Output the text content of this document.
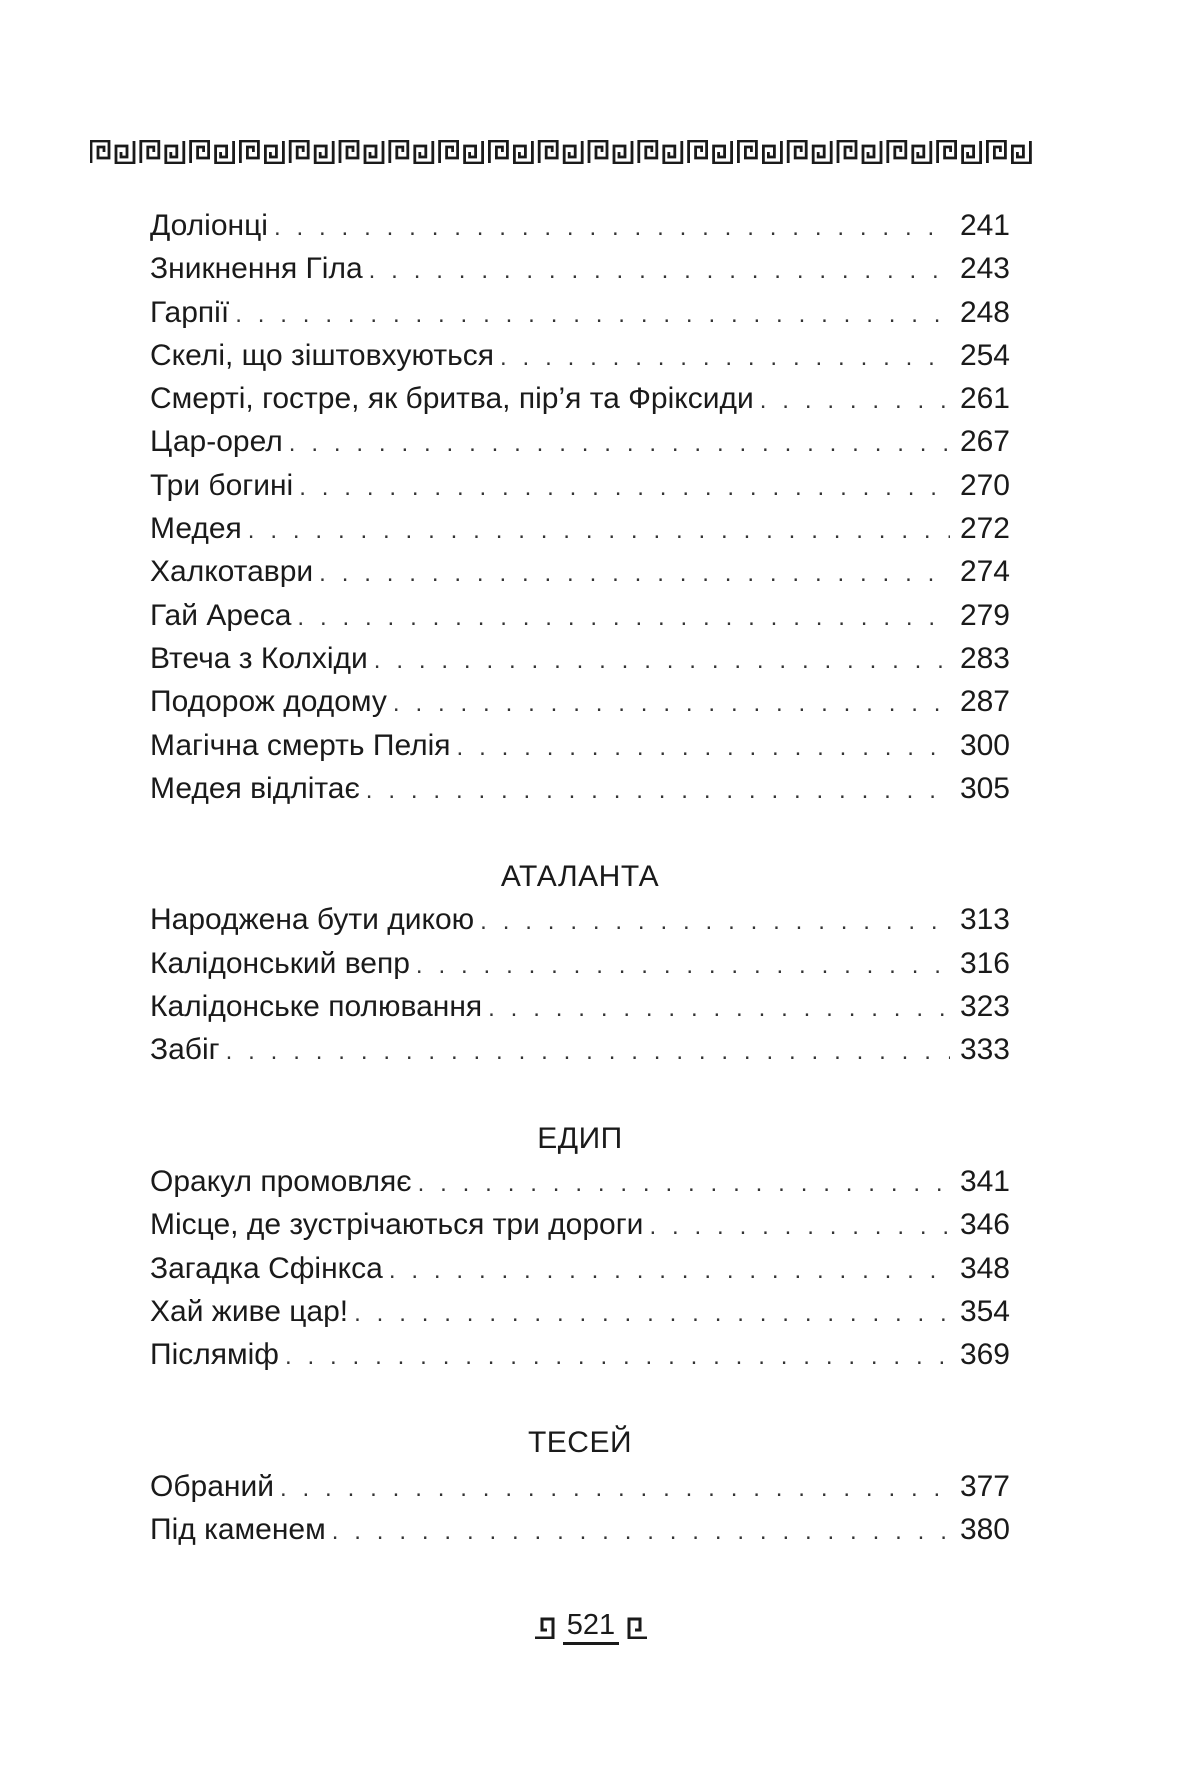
Долiонцi . . .	241
Зникнення Гiла . . .	243
Гарпiї . . .	248
Скелi, що зiштовхуються . . .	254
Смертi, гостре, як бритва, пiр’я та Фрiксиди . . .	261
Цар-орел . . .	267
Три богинi . . .	270
Медея . . .	272
Халкотаври . . .	274
Гай Ареса . . .	279
Втеча з Колхiди . . .	283
Подорож додому . . .	287
Магiчна смерть Пелiя . . .	300
Медея вiдлiтає . . .	305
АТАЛАНТА
Народжена бути дикою . . .	313
Калiдонський вепр . . .	316
Калiдонське полювання . . .	323
Забiг . . .	333
ЕДИП
Оракул промовляє . . .	341
Мiсце, де зустрiчаються три дороги . . .	346
Загадка Сфiнкса . . .	348
Хай живе цар! . . .	354
Пiсляміф . . .	369
ТЕСЕЙ
Обраний . . .	377
Пiд каменем . . .	380
521
